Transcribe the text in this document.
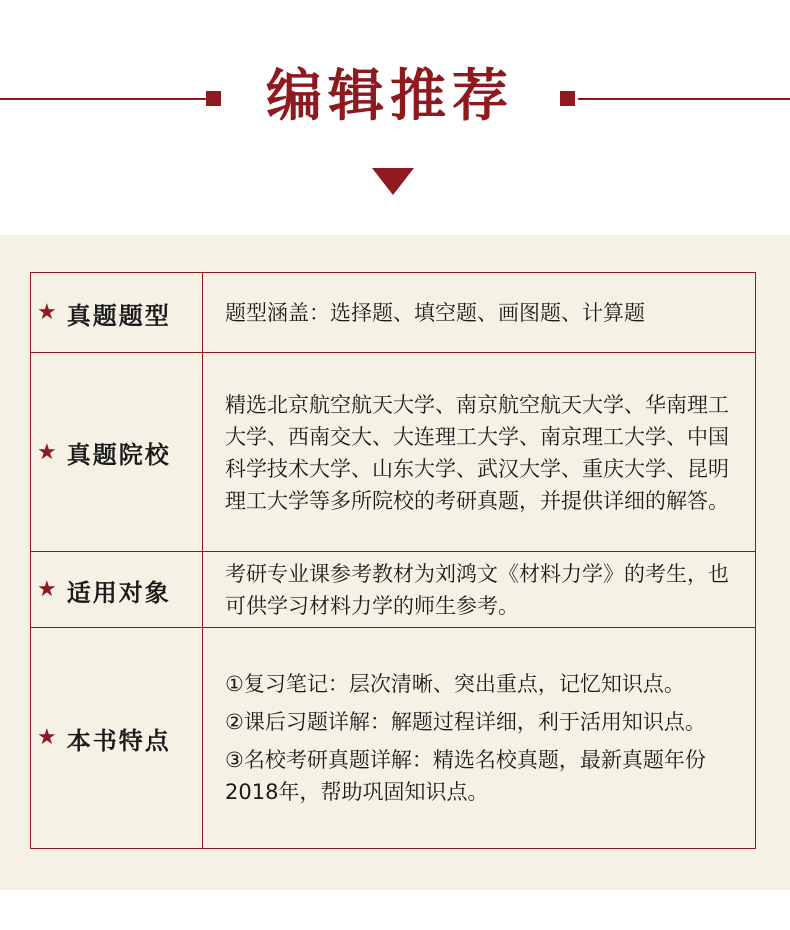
编辑推荐
★ 真题题型	题型涵盖：选择题、填空题、画图题、计算题

★ 真题院校

精选北京航空航天大学、南京航空航天大学、华南理工大学、西南交大、大连理工大学、南京理工大学、中国科学技术大学、山东大学、武汉大学、重庆大学、昆明理工大学等多所院校的考研真题，并提供详细的解答。

★ 适用对象

考研专业课参考教材为刘鸿文《材料力学》的考生，也可供学习材料力学的师生参考。

★ 本书特点
①复习笔记：层次清晰、突出重点，记忆知识点。
②课后习题详解：解题过程详细，利于活用知识点。
③名校考研真题详解：精选名校真题，最新真题年份2018年，帮助巩固知识点。
